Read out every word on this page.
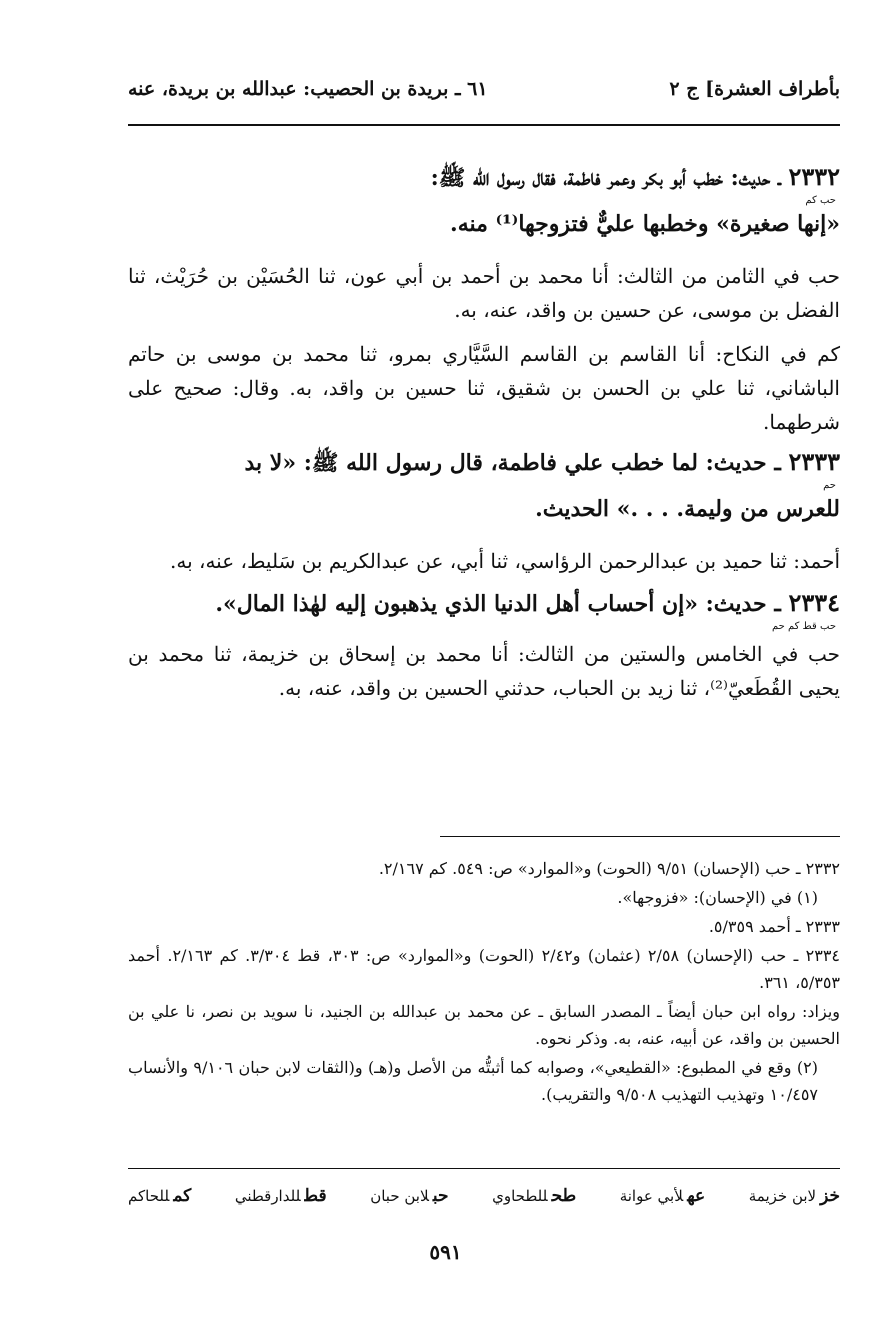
بأطراف العشرة] ج ٢
٦١ ـ بريدة بن الحصيب: عبدالله بن بريدة، عنه

٢٣٣٢ ـ حديث: خطب أبو بكر وعمر فاطمة، فقال رسول الله ﷺ:

حب كم

«إنها صغيرة» وخطبها عليٌّ فتزوجها⁽¹⁾ منه.

حب في الثامن من الثالث: أنا محمد بن أحمد بن أبي عون، ثنا الحُسَيْن بن حُرَيْث، ثنا الفضل بن موسى، عن حسين بن واقد، عنه، به.

كم في النكاح: أنا القاسم بن القاسم السَّيَّاري بمرو، ثنا محمد بن موسى بن حاتم الباشاني، ثنا علي بن الحسن بن شقيق، ثنا حسين بن واقد، به. وقال: صحيح على شرطهما.

٢٣٣٣ ـ حديث: لما خطب علي فاطمة، قال رسول الله ﷺ: «لا بد

حم

للعرس من وليمة. . . .» الحديث.

أحمد: ثنا حميد بن عبدالرحمن الرؤاسي، ثنا أبي، عن عبدالكريم بن سَليط، عنه، به.

٢٣٣٤ ـ حديث: «إن أحساب أهل الدنيا الذي يذهبون إليه لهٰذا المال».

حب قط كم حم

حب في الخامس والستين من الثالث: أنا محمد بن إسحاق بن خزيمة، ثنا محمد بن يحيى القُطَعيّ⁽²⁾، ثنا زيد بن الحباب، حدثني الحسين بن واقد، عنه، به.

٢٣٣٢ ـ حب (الإحسان) ٩/٥١ (الحوت) و«الموارد» ص: ٥٤٩. كم ٢/١٦٧.

(١) في (الإحسان): «فزوجها».

٢٣٣٣ ـ أحمد ٥/٣٥٩.

٢٣٣٤ ـ حب (الإحسان) ٢/٥٨ (عثمان) و٢/٤٢ (الحوت) و«الموارد» ص: ٣٠٣، قط ٣/٣٠٤. كم ٢/١٦٣. أحمد ٥/٣٥٣، ٣٦١.

ويزاد: رواه ابن حبان أيضاً ـ المصدر السابق ـ عن محمد بن عبدالله بن الجنيد، نا سويد بن نصر، نا علي بن الحسين بن واقد، عن أبيه، عنه، به. وذكر نحوه.

(٢) وقع في المطبوع: «القطيعي»، وصوابه كما أثبتُّه من الأصل و(هـ) و(الثقات لابن حبان ٩/١٠٦ والأنساب ١٠/٤٥٧ وتهذيب التهذيب ٩/٥٠٨ والتقريب).

خزلابن خزيمة
عهلأبي عوانة
طحللطحاوي
حبلابن حبان
قطللدارقطني
كمللحاكم
٥٩١
